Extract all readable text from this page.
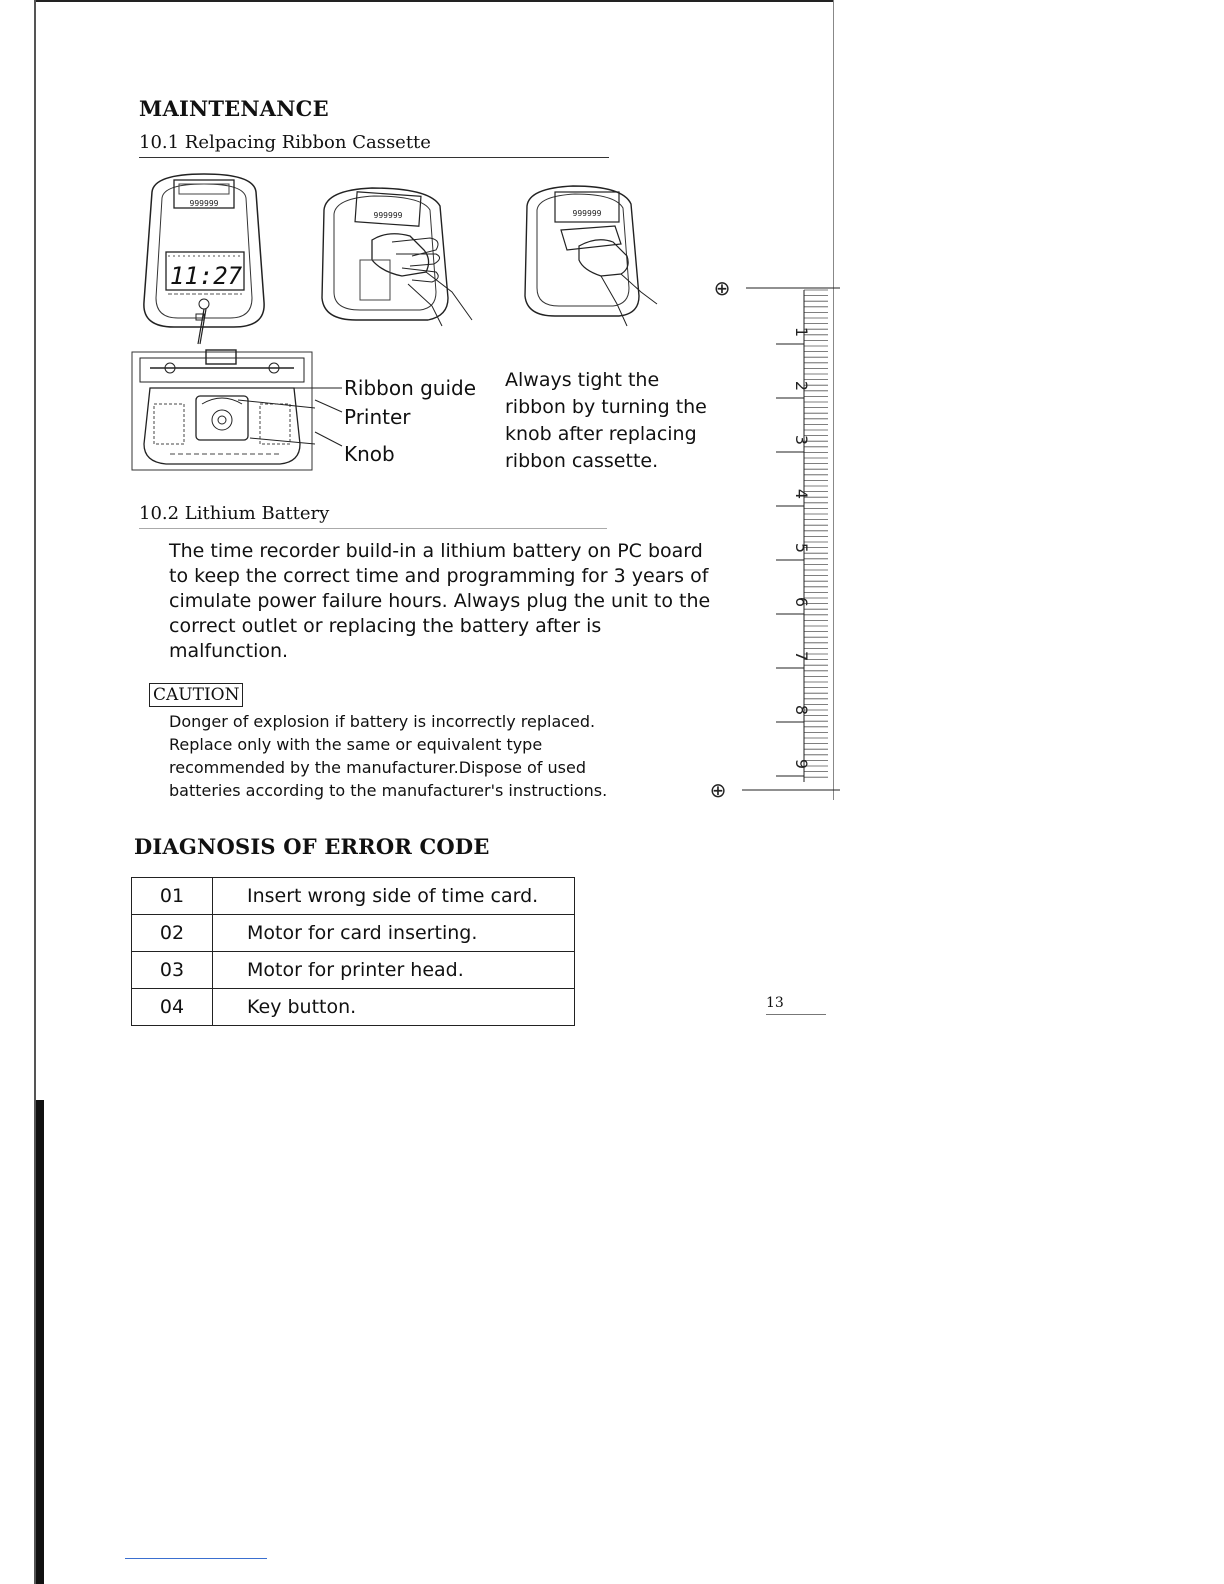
MAINTENANCE
10.1 Relpacing Ribbon Cassette
999999
11:27
999999	999999
Ribbon guide
Printer
Knob
Always tight the ribbon by turning the knob after replacing ribbon cassette.
10.2 Lithium Battery
The time recorder build-in a lithium battery on PC board to keep the correct time and programming for 3 years of cimulate power failure hours. Always plug the unit to the correct outlet or replacing the battery after is malfunction.
CAUTION
Donger of explosion if battery is incorrectly replaced. Replace only with the same or equivalent type recommended by the manufacturer.Dispose of used batteries according to the manufacturer's instructions.
1
2
3
4
5
6
7
8
9
⊕
⊕
DIAGNOSIS OF ERROR CODE
01	Insert wrong side of time card.
02	Motor for card inserting.
03	Motor for printer head.
04	Key button.	13
